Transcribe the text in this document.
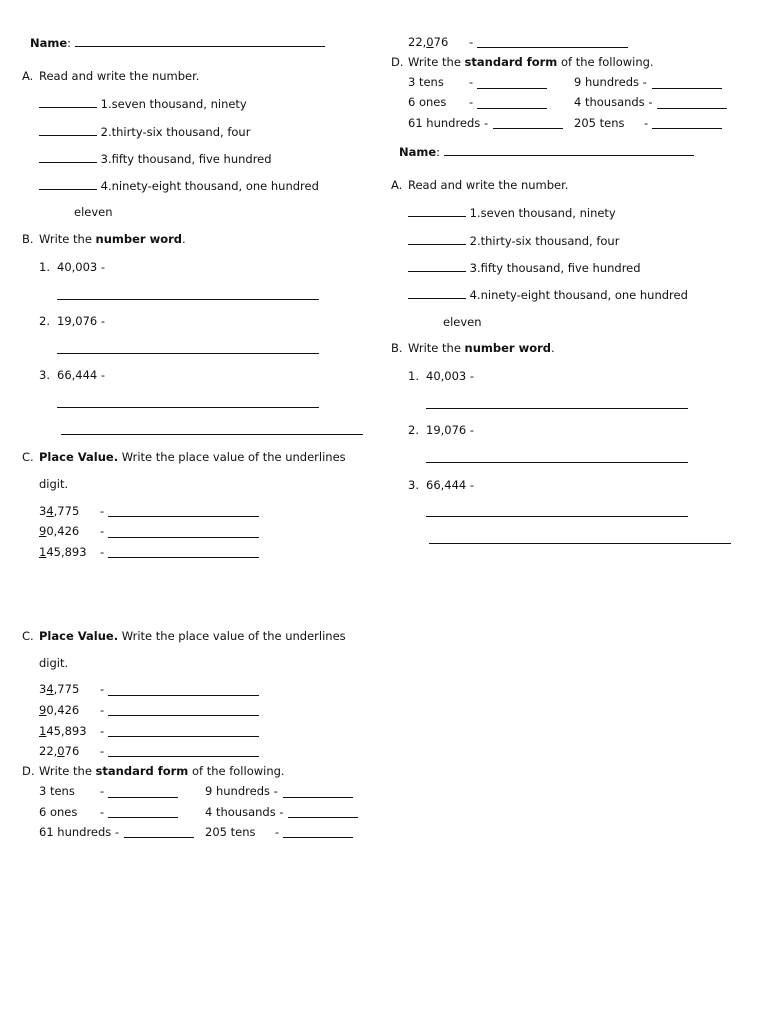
Name:
A. Read and write the number.
1.seven thousand, ninety
2.thirty-six thousand, four
3.fifty thousand, five hundred
4.ninety-eight thousand, one hundred
eleven
B. Write the number word.
1. 40,003 -
2. 19,076 -
3. 66,444 -
C. Place Value. Write the place value of the underlines
digit.
34,775 -
90,426 -
145,893 -
C. Place Value. Write the place value of the underlines
digit.
34,775 -
90,426 -
145,893 -
22,076 -
D. Write the standard form of the following.
3 tens -	9 hundreds -
6 ones -	4 thousands -
61 hundreds -	205 tens -
22,076 -
D. Write the standard form of the following.
3 tens -	9 hundreds -
6 ones -	4 thousands -
61 hundreds -	205 tens -
Name:
A. Read and write the number.
1.seven thousand, ninety
2.thirty-six thousand, four
3.fifty thousand, five hundred
4.ninety-eight thousand, one hundred
eleven
B. Write the number word.
1. 40,003 -
2. 19,076 -
3. 66,444 -
